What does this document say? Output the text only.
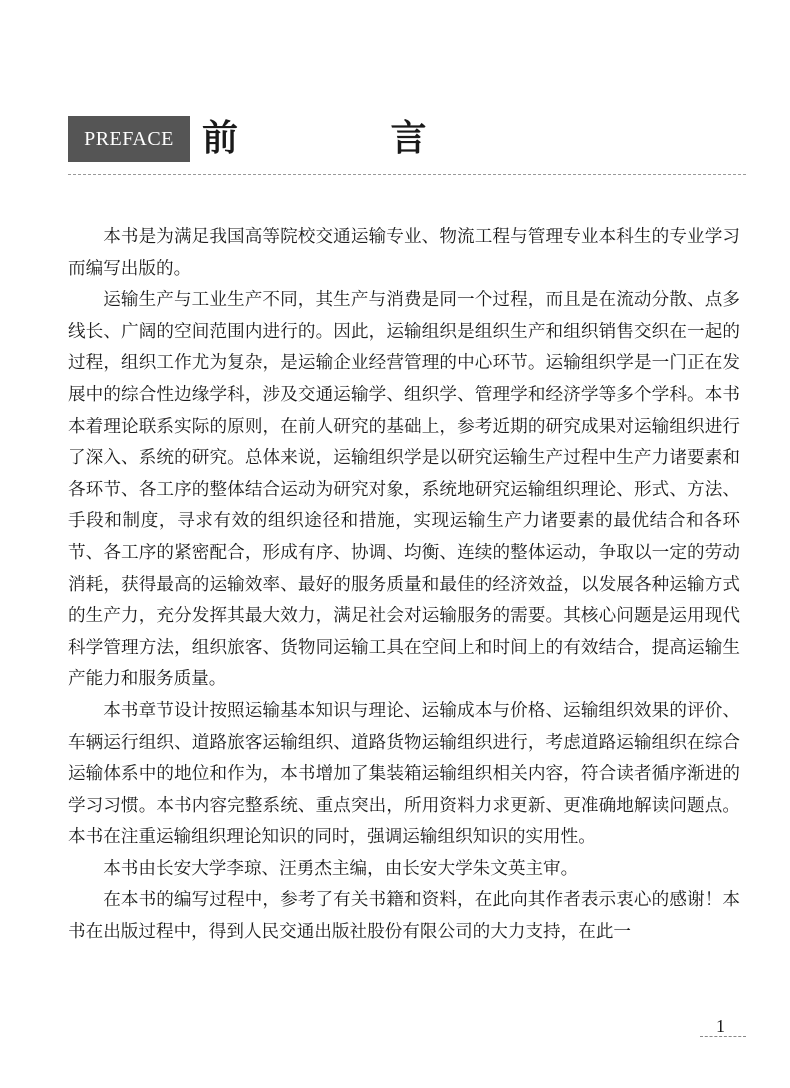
PREFACE 前 言

本书是为满足我国高等院校交通运输专业、物流工程与管理专业本科生的专业学习而编写出版的。

运输生产与工业生产不同，其生产与消费是同一个过程，而且是在流动分散、点多线长、广阔的空间范围内进行的。因此，运输组织是组织生产和组织销售交织在一起的过程，组织工作尤为复杂，是运输企业经营管理的中心环节。运输组织学是一门正在发展中的综合性边缘学科，涉及交通运输学、组织学、管理学和经济学等多个学科。本书本着理论联系实际的原则，在前人研究的基础上，参考近期的研究成果对运输组织进行了深入、系统的研究。总体来说，运输组织学是以研究运输生产过程中生产力诸要素和各环节、各工序的整体结合运动为研究对象，系统地研究运输组织理论、形式、方法、手段和制度，寻求有效的组织途径和措施，实现运输生产力诸要素的最优结合和各环节、各工序的紧密配合，形成有序、协调、均衡、连续的整体运动，争取以一定的劳动消耗，获得最高的运输效率、最好的服务质量和最佳的经济效益，以发展各种运输方式的生产力，充分发挥其最大效力，满足社会对运输服务的需要。其核心问题是运用现代科学管理方法，组织旅客、货物同运输工具在空间上和时间上的有效结合，提高运输生产能力和服务质量。

本书章节设计按照运输基本知识与理论、运输成本与价格、运输组织效果的评价、车辆运行组织、道路旅客运输组织、道路货物运输组织进行，考虑道路运输组织在综合运输体系中的地位和作为，本书增加了集装箱运输组织相关内容，符合读者循序渐进的学习习惯。本书内容完整系统、重点突出，所用资料力求更新、更准确地解读问题点。本书在注重运输组织理论知识的同时，强调运输组织知识的实用性。

本书由长安大学李琼、汪勇杰主编，由长安大学朱文英主审。

在本书的编写过程中，参考了有关书籍和资料，在此向其作者表示衷心的感谢！本书在出版过程中，得到人民交通出版社股份有限公司的大力支持，在此一

1
